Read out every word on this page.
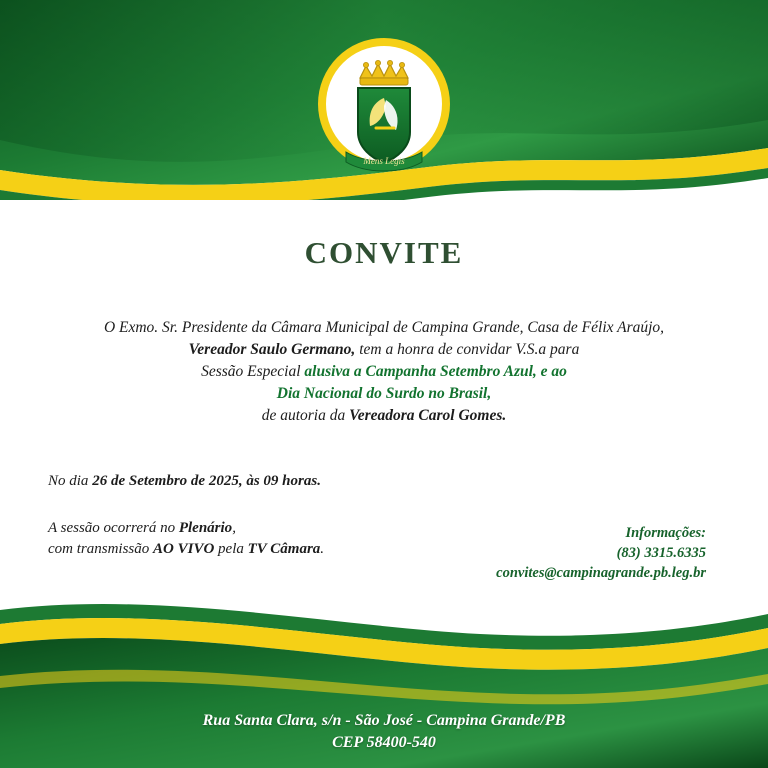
Mens Legis
CONVITE
O Exmo. Sr. Presidente da Câmara Municipal de Campina Grande, Casa de Félix Araújo,
Vereador Saulo Germano, tem a honra de convidar V.S.a para
Sessão Especial alusiva a Campanha Setembro Azul, e ao
Dia Nacional do Surdo no Brasil,
de autoria da Vereadora Carol Gomes.
No dia 26 de Setembro de 2025, às 09 horas.
A sessão ocorrerá no Plenário,
com transmissão AO VIVO pela TV Câmara.
Informações:
(83) 3315.6335
convites@campinagrande.pb.leg.br
Rua Santa Clara, s/n - São José - Campina Grande/PB
CEP 58400-540
